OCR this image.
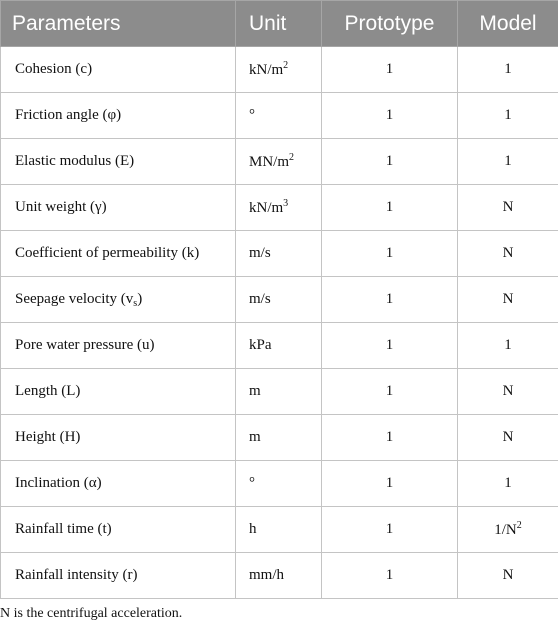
Parameters	Unit	Prototype	Model
Cohesion (c)	$kN/m^2$	1	1
Friction angle (φ)	°	1	1
Elastic modulus (E)	$MN/m^2$	1	1
Unit weight (γ)	$kN/m^3$	1	N
Coefficient of permeability (k)	m/s	1	N
Seepage velocity $(v_s)$	m/s	1	N
Pore water pressure (u)	kPa	1	1
Length (L)	m	1	N
Height (H)	m	1	N
Inclination (α)	°	1	1
Rainfall time (t)	h	1	$1/N^2$
Rainfall intensity (r)	mm/h	1	N

N is the centrifugal acceleration.
